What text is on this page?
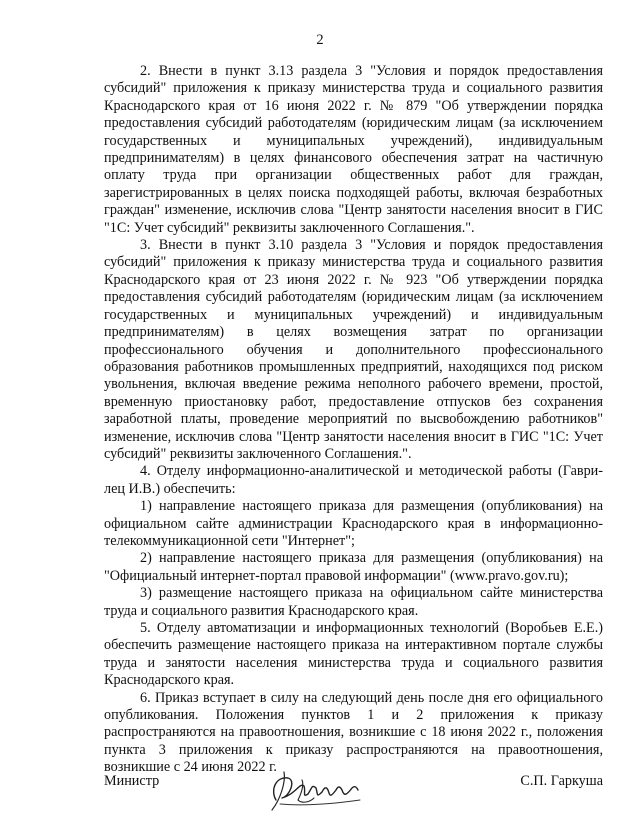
2

2. Внести в пункт 3.13 раздела 3 "Условия и порядок предоставления субсидий" приложения к приказу министерства труда и социального развития Краснодарского края от 16 июня 2022 г. № 879 "Об утверждении порядка предоставления субсидий работодателям (юридическим лицам (за исключением государственных и муниципальных учреждений), индивидуальным предпринимателям) в целях финансового обеспечения затрат на частичную оплату труда при организации общественных работ для граждан, зарегистрированных в целях поиска подходящей работы, включая безработных граждан" изменение, исключив слова "Центр занятости населения вносит в ГИС "1С: Учет субсидий" реквизиты заключенного Соглашения.".

3. Внести в пункт 3.10 раздела 3 "Условия и порядок предоставления субсидий" приложения к приказу министерства труда и социального развития Краснодарского края от 23 июня 2022 г. № 923 "Об утверждении порядка предоставления субсидий работодателям (юридическим лицам (за исключением государственных и муниципальных учреждений) и индивидуальным предпринимателям) в целях возмещения затрат по организации профессионального обучения и дополнительного профессионального образования работников промышленных предприятий, находящихся под риском увольнения, включая введение режима неполного рабочего времени, простой, временную приостановку работ, предоставление отпусков без сохранения заработной платы, проведение мероприятий по высвобождению работников" изменение, исключив слова "Центр занятости населения вносит в ГИС "1С: Учет субсидий" реквизиты заключенного Соглашения.".

4. Отделу информационно-аналитической и методической работы (Гаври-лец И.В.) обеспечить:

1) направление настоящего приказа для размещения (опубликования) на официальном сайте администрации Краснодарского края в информационно-телекоммуникационной сети "Интернет";

2) направление настоящего приказа для размещения (опубликования) на "Официальный интернет-портал правовой информации" (www.pravo.gov.ru);

3) размещение настоящего приказа на официальном сайте министерства труда и социального развития Краснодарского края.

5. Отделу автоматизации и информационных технологий (Воробьев Е.Е.) обеспечить размещение настоящего приказа на интерактивном портале службы труда и занятости населения министерства труда и социального развития Краснодарского края.

6. Приказ вступает в силу на следующий день после дня его официального опубликования. Положения пунктов 1 и 2 приложения к приказу распространяются на правоотношения, возникшие с 18 июня 2022 г., положения пункта 3 приложения к приказу распространяются на правоотношения, возникшие с 24 июня 2022 г.

Министр	С.П. Гаркуша
